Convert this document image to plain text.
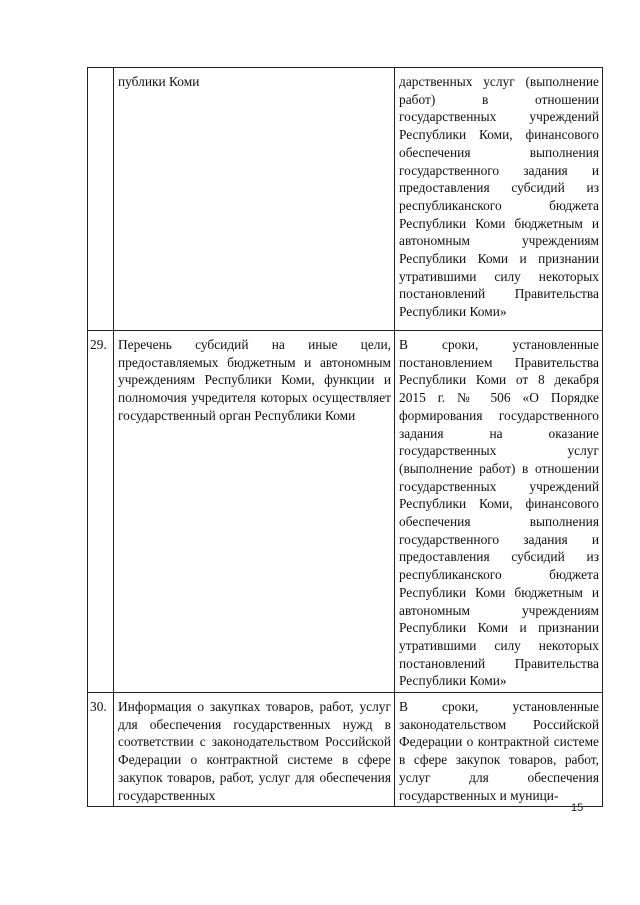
	публики Коми	дарственных услуг (выполнение работ) в отношении государственных учреждений Республики Коми, финансового обеспечения выполнения государственного задания и предоставления субсидий из республиканского бюджета Республики Коми бюджетным и автономным учреждениям Республики Коми и признании утратившими силу некоторых постановлений Правительства Республики Коми»
29.	Перечень субсидий на иные цели, предоставляемых бюджетным и автономным учреждениям Республики Коми, функции и полномочия учредителя которых осуществляет государственный орган Республики Коми	В сроки, установленные постановлением Правительства Республики Коми от 8 декабря 2015 г. № 506 «О Порядке формирования государственного задания на оказание государственных услуг (выполнение работ) в отношении государственных учреждений Республики Коми, финансового обеспечения выполнения государственного задания и предоставления субсидий из республиканского бюджета Республики Коми бюджетным и автономным учреждениям Республики Коми и признании утратившими силу некоторых постановлений Правительства Республики Коми»
30.	Информация о закупках товаров, работ, услуг для обеспечения государственных нужд в соответствии с законодательством Российской Федерации о контрактной системе в сфере закупок товаров, работ, услуг для обеспечения государственных	В сроки, установленные законодательством Российской Федерации о контрактной системе в сфере закупок товаров, работ, услуг для обеспечения государственных и муници-
15
